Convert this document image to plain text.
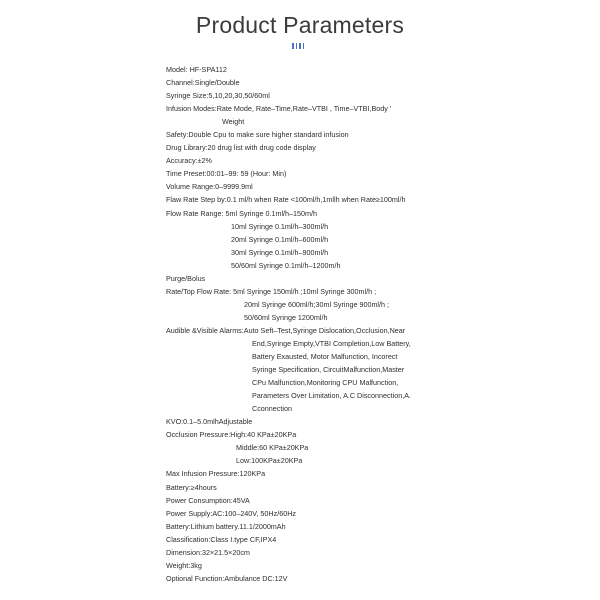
Product Parameters
Model: HF-SPA112
Channel:Single/Double
Syringe Size:5,10,20,30,50/60ml
Infusion Modes:Rate Mode, Rate–Time,Rate–VTBI , Time–VTBI,Body '
Weight
Safety:Double Cpu to make sure higher standard infusion
Drug Library:20 drug list with drug code display
Accuracy:±2%
Time Preset:00:01–99: 59 (Hour: Min)
Volume Range:0–9999.9ml
Flaw Rate Step by:0.1 ml/h when Rate <100ml/h,1mllh when Rate≥100ml/h
Flow Rate Range: 5ml Syringe 0.1ml/h–150m/h
10ml Syringe 0.1ml/h–300ml/h
20ml Syringe 0.1ml/h–600ml/h
30ml Syringe 0.1ml/h–900ml/h
50/60ml Syringe 0.1ml/h–1200m/h
Purge/Bolus
Rate/Top Flow Rate: 5ml Syringe 150ml/h ;10ml Syringe 300ml/h ;
20ml Syringe 600ml/h;30ml Syringe 900ml/h ;
50/60ml Syringe 1200ml/h
Audible &Visible Alarms:Auto Seft–Test,Syringe Dislocation,Occlusion,Near
End,Syringe Empty,VTBI Completion,Low Battery,
Battery Exausted, Motor Malfunction, Incorect
Syringe Specification, CircuitMalfunction,Master
CPu Malfunction,Monitoring CPU Malfunction,
Parameters Over Limitation, A.C Disconnection,A.
Cconnection
KVO:0.1–5.0mlhAdjustable
Occlusion Pressure:High:40 KPa±20KPa
Middle:60 KPa±20KPa
Low:100KPa±20KPa
Max Infusion Pressure:120KPa
Battery:≥4hours
Power Consumption:45VA
Power Supply:AC:100–240V, 50Hz/60Hz
Battery:Lithium battery.11.1/2000mAh
Classification:Class I.type CF,IPX4
Dimension:32×21.5×20cm
Weight:3kg
Optional Function:Ambulance DC:12V
